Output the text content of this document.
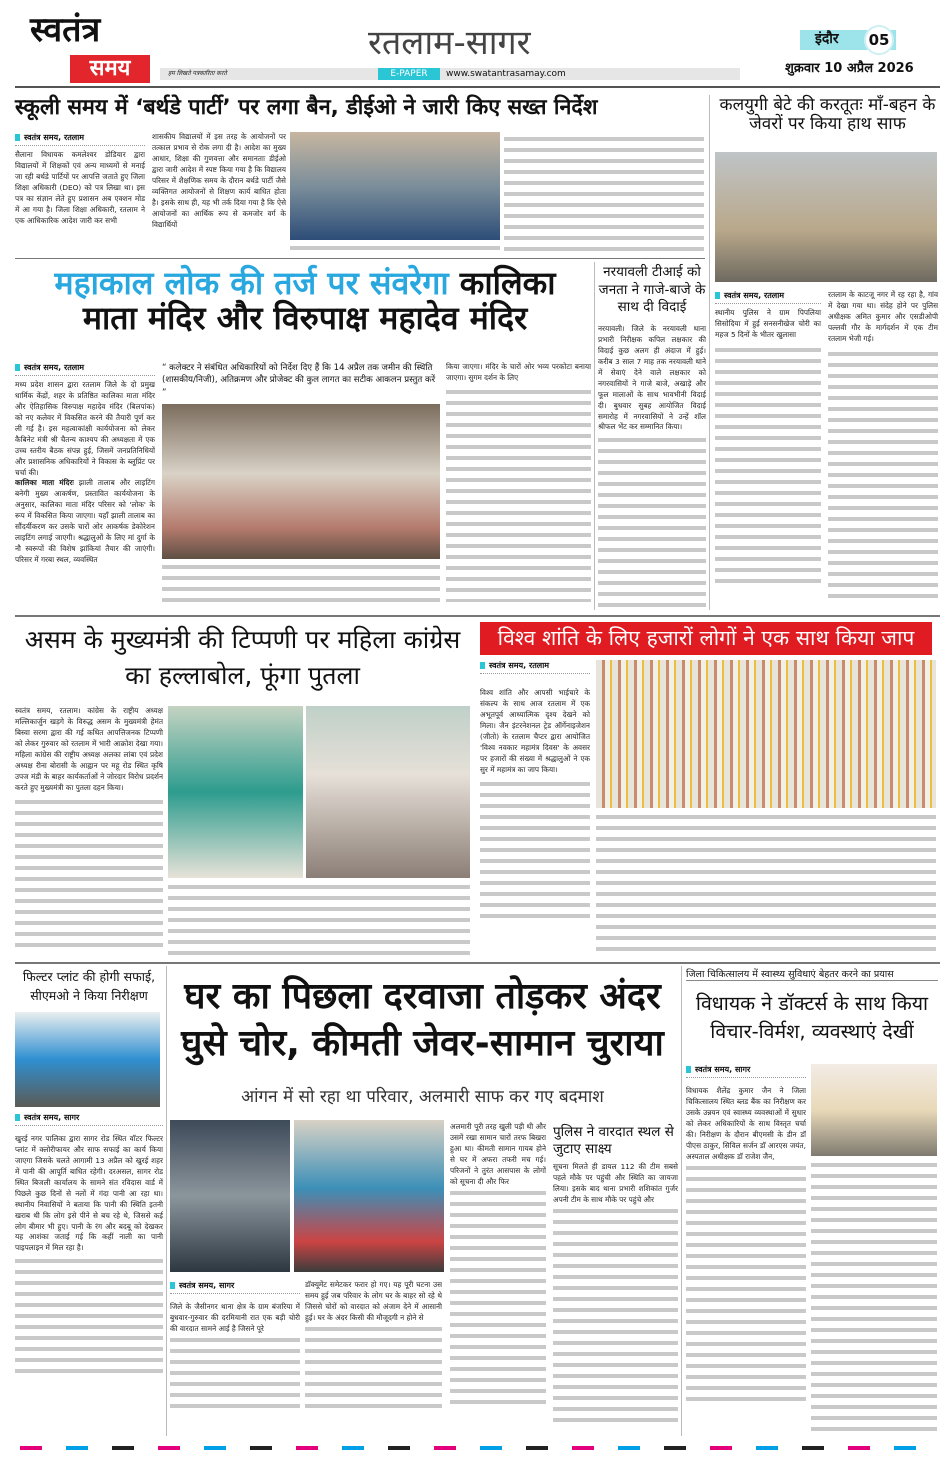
स्वतंत्र
समय	हम लिखते पत्रकारिता करते
रतलाम-सागर	इंदौर	05
E-PAPER	www.swatantrasamay.com	शुक्रवार 10 अप्रैल 2026
स्कूली समय में ‘बर्थडे पार्टी’ पर लगा बैन, डीईओ ने जारी किए सख्त निर्देश
स्वतंत्र समय, रतलाम
सैलाना विधायक कमलेश्वर डोडियार द्वारा विद्यालयों में शिक्षकों एवं अन्य माध्यमों से मनाई जा रही बर्थडे पार्टियों पर आपत्ति जताते हुए जिला शिक्षा अधिकारी (DEO) को पत्र लिखा था। इस पत्र का संज्ञान लेते हुए प्रशासन अब एक्शन मोड में आ गया है। जिला शिक्षा अधिकारी, रतलाम ने एक आधिकारिक आदेश जारी कर सभी
शासकीय विद्यालयों में इस तरह के आयोजनों पर तत्काल प्रभाव से रोक लगा दी है। आदेश का मुख्य आधार, शिक्षा की गुणवत्ता और समानताः डीईओ द्वारा जारी आदेश में स्पष्ट किया गया है कि विद्यालय परिसर में शैक्षणिक समय के दौरान बर्थडे पार्टी जैसे व्यक्तिगत आयोजनों से शिक्षण कार्य बाधित होता है। इसके साथ ही, यह भी तर्क दिया गया है कि ऐसे आयोजनों का आर्थिक रूप से कमजोर वर्ग के विद्यार्थियों
कलयुगी बेटे की करतूतः माँ-बहन के जेवरों पर किया हाथ साफ
स्वतंत्र समय, रतलाम
स्थानीय पुलिस ने ग्राम पिपलिया सिसोदिया में हुई सनसनीखेज चोरी का महज 5 दिनों के भीतर खुलासा
रतलाम के काटजू नगर में रह रहा है, गांव में देखा गया था। संदेह होने पर पुलिस अधीक्षक अमित कुमार और एसडीओपी पल्लवी गौर के मार्गदर्शन में एक टीम रतलाम भेजी गई।
महाकाल लोक की तर्ज पर संवरेगा कालिका
माता मंदिर और विरुपाक्ष महादेव मंदिर
स्वतंत्र समय, रतलाम
मध्य प्रदेश शासन द्वारा रतलाम जिले के दो प्रमुख धार्मिक केंद्रों, शहर के प्रतिष्ठित कालिका माता मंदिर और ऐतिहासिक विरुपाक्ष महादेव मंदिर (बिलपांक) को नए कलेवर में विकसित करने की तैयारी पूर्ण कर ली गई है। इस महत्वाकांक्षी कार्ययोजना को लेकर कैबिनेट मंत्री श्री चैतन्य काश्यप की अध्यक्षता में एक उच्च स्तरीय बैठक संपन्न हुई, जिसमें जनप्रतिनिधियों और प्रशासनिक अधिकारियों ने विकास के ब्लूप्रिंट पर चर्चा की।
कालिका माता मंदिरः झाली तालाब और लाइटिंग बनेगी मुख्य आकर्षण, प्रस्तावित कार्ययोजना के अनुसार, कालिका माता मंदिर परिसर को 'लोक' के रूप में विकसित किया जाएगा। यहाँ झाली तालाब का सौंदर्यीकरण कर उसके चारों ओर आकर्षक डेकोरेशन लाइटिंग लगाई जाएगी। श्रद्धालुओं के लिए मां दुर्गा के नौ स्वरूपों की विशेष झांकियां तैयार की जाएंगी। परिसर में गरबा स्थल, व्यवस्थित
“ कलेक्टर ने संबंधित अधिकारियों को निर्देश दिए हैं कि 14 अप्रैल तक जमीन की स्थिति (शासकीय/निजी), अतिक्रमण और प्रोजेक्ट की कुल लागत का सटीक आकलन प्रस्तुत करें ”
किया जाएगा। मंदिर के चारों ओर भव्य परकोटा बनाया जाएगा। सुगम दर्शन के लिए
नरयावली टीआई को जनता ने गाजे-बाजे के साथ दी विदाई
नरयावली। जिले के नरयावली थाना प्रभारी निरीक्षक कपिल लक्षकार की विदाई कुछ अलग ही अंदाज में हुई। करीब 3 साल 7 माह तक नरयावली थाने में सेवाएं देने वाले लक्षकार को नगरवासियों ने गाजे बाजे, अखाड़े और फूल मालाओं के साथ भावभीनी विदाई दी। बुधवार सुबह आयोजित विदाई समारोह में नगरवासियों ने उन्हें शॉल श्रीफल भेंट कर सम्मानित किया।
असम के मुख्यमंत्री की टिप्पणी पर महिला कांग्रेस का हल्लाबोल, फूंगा पुतला
स्वतंत्र समय, रतलाम। कांग्रेस के राष्ट्रीय अध्यक्ष मल्लिकार्जुन खड़गे के विरुद्ध असम के मुख्यमंत्री हेमंत बिस्वा सरमा द्वारा की गई कथित आपत्तिजनक टिप्पणी को लेकर गुरुवार को रतलाम में भारी आक्रोश देखा गया। महिला कांग्रेस की राष्ट्रीय अध्यक्ष अलका लांबा एवं प्रदेश अध्यक्ष रीना बोरासी के आह्वान पर महू रोड स्थित कृषि उपज मंडी के बाहर कार्यकर्ताओं ने जोरदार विरोध प्रदर्शन करते हुए मुख्यमंत्री का पुतला दहन किया।
विश्व शांति के लिए हजारों लोगों ने एक साथ किया जाप
स्वतंत्र समय, रतलाम
विश्व शांति और आपसी भाईचारे के संकल्प के साथ आज रतलाम में एक अभूतपूर्व आध्यात्मिक दृश्य देखने को मिला। जैन इंटरनेशनल ट्रेड ऑर्गेनाइजेशन (जीतो) के रतलाम चैप्टर द्वारा आयोजित 'विश्व नवकार महामंत्र दिवस' के अवसर पर हजारों की संख्या में श्रद्धालुओं ने एक सुर में महामंत्र का जाप किया।
फिल्टर प्लांट की होगी सफाई, सीएमओ ने किया निरीक्षण
स्वतंत्र समय, सागर
खुरई नगर पालिका द्वारा सागर रोड स्थित वॉटर फिल्टर प्लांट में क्लोरीफायर और साफ सफाई का कार्य किया जाएगा जिसके चलते आगामी 13 अप्रैल को खुरई शहर में पानी की आपूर्ति बाधित रहेगी। दरअसल, सागर रोड स्थित बिजली कार्यालय के सामने संत रविदास वार्ड में पिछले कुछ दिनों से नलों में गंदा पानी आ रहा था। स्थानीय निवासियों ने बताया कि पानी की स्थिति इतनी खराब थी कि लोग इसे पीने से बच रहे थे, जिससे कई लोग बीमार भी हुए। पानी के रंग और बदबू को देखकर यह आशंका जताई गई कि कहीं नाली का पानी पाइपलाइन में मिल रहा है।
घर का पिछला दरवाजा तोड़कर अंदर घुसे चोर, कीमती जेवर-सामान चुराया
आंगन में सो रहा था परिवार, अलमारी साफ कर गए बदमाश
स्वतंत्र समय, सागर
जिले के जैसीनगर थाना क्षेत्र के ग्राम बंजरिया में बुधवार-गुरुवार की दरमियानी रात एक बड़ी चोरी की वारदात सामने आई है जिसने पूरे
डॉक्यूमेंट समेटकर फरार हो गए। यह पूरी घटना उस समय हुई जब परिवार के लोग घर के बाहर सो रहे थे जिससे चोरों को वारदात को अंजाम देने में आसानी हुई। घर के अंदर किसी की मौजूदगी न होने से
अलमारी पूरी तरह खुली पड़ी थी और उसमें रखा सामान चारों तरफ बिखरा हुआ था। कीमती सामान गायब होने से घर में अफरा तफरी मच गई। परिजनों ने तुरंत आसपास के लोगों को सूचना दी और फिर
पुलिस ने वारदात स्थल से जुटाए साक्ष्य
सूचना मिलते ही डायल 112 की टीम सबसे पहले मौके पर पहुंची और स्थिति का जायजा लिया। इसके बाद थाना प्रभारी शशिकांत गुर्जर अपनी टीम के साथ मौके पर पहुंचे और
जिला चिकित्सालय में स्वास्थ्य सुविधाएं बेहतर करने का प्रयास
विधायक ने डॉक्टर्स के साथ किया विचार-विर्मश, व्यवस्थाएं देखीं
स्वतंत्र समय, सागर
विधायक शैलेंद्र कुमार जैन ने जिला चिकित्सालय स्थित ब्लड बैंक का निरीक्षण कर उसके उन्नयन एवं स्वास्थ्य व्यवस्थाओं में सुधार को लेकर अधिकारियों के साथ विस्तृत चर्चा की। निरीक्षण के दौरान बीएमसी के डीन डॉ पीएस ठाकुर, सिविल सर्जन डॉ आरएस जयंत, अस्पताल अधीक्षक डॉ राजेश जैन,
